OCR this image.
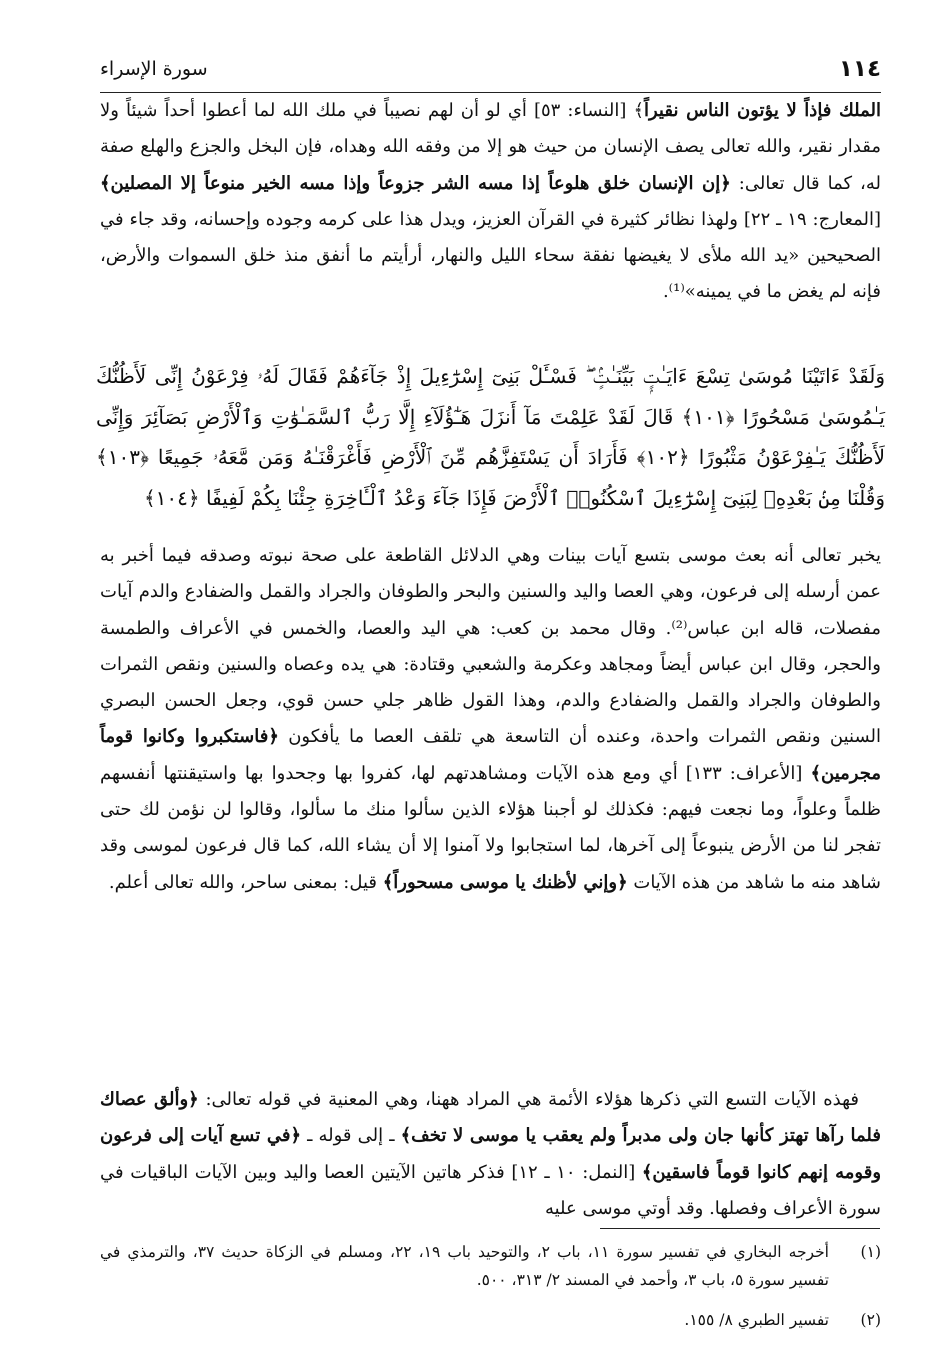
١١٤
سورة الإسراء

الملك فإذاً لا يؤتون الناس نقيراً﴾ [النساء: ٥٣] أي لو أن لهم نصيباً في ملك الله لما أعطوا أحداً شيئاً ولا مقدار نقير، والله تعالى يصف الإنسان من حيث هو إلا من وفقه الله وهداه، فإن البخل والجزع والهلع صفة له، كما قال تعالى: ﴿إن الإنسان خلق هلوعاً إذا مسه الشر جزوعاً وإذا مسه الخير منوعاً إلا المصلين﴾ [المعارج: ١٩ ـ ٢٢] ولهذا نظائر كثيرة في القرآن العزيز، ويدل هذا على كرمه وجوده وإحسانه، وقد جاء في الصحيحين «يد الله ملأى لا يغيضها نفقة سحاء الليل والنهار، أرأيتم ما أنفق منذ خلق السموات والأرض، فإنه لم يغض ما في يمينه»⁽¹⁾.

وَلَقَدْ ءَاتَيْنَا مُوسَىٰ تِسْعَ ءَايَـٰتٍۭ بَيِّنَـٰتٍۢ ۖ فَسْـَٔلْ بَنِىٓ إِسْرَٰٓءِيلَ إِذْ جَآءَهُمْ فَقَالَ لَهُۥ فِرْعَوْنُ إِنِّى لَأَظُنُّكَ يَـٰمُوسَىٰ مَسْحُورًا ﴿١٠١﴾ قَالَ لَقَدْ عَلِمْتَ مَآ أَنزَلَ هَـٰٓؤُلَآءِ إِلَّا رَبُّ ٱلسَّمَـٰوَٰتِ وَٱلْأَرْضِ بَصَآئِرَ وَإِنِّى لَأَظُنُّكَ يَـٰفِرْعَوْنُ مَثْبُورًا ﴿١٠٢﴾ فَأَرَادَ أَن يَسْتَفِزَّهُم مِّنَ ٱلْأَرْضِ فَأَغْرَقْنَـٰهُ وَمَن مَّعَهُۥ جَمِيعًا ﴿١٠٣﴾ وَقُلْنَا مِنۢ بَعْدِهِۦ لِبَنِىٓ إِسْرَٰٓءِيلَ ٱسْكُنُوا۟ ٱلْأَرْضَ فَإِذَا جَآءَ وَعْدُ ٱلْـَٔاخِرَةِ جِئْنَا بِكُمْ لَفِيفًا ﴿١٠٤﴾

يخبر تعالى أنه بعث موسى بتسع آيات بينات وهي الدلائل القاطعة على صحة نبوته وصدقه فيما أخبر به عمن أرسله إلى فرعون، وهي العصا واليد والسنين والبحر والطوفان والجراد والقمل والضفادع والدم آيات مفصلات، قاله ابن عباس⁽²⁾. وقال محمد بن كعب: هي اليد والعصا، والخمس في الأعراف والطمسة والحجر، وقال ابن عباس أيضاً ومجاهد وعكرمة والشعبي وقتادة: هي يده وعصاه والسنين ونقص الثمرات والطوفان والجراد والقمل والضفادع والدم، وهذا القول ظاهر جلي حسن قوي، وجعل الحسن البصري السنين ونقص الثمرات واحدة، وعنده أن التاسعة هي تلقف العصا ما يأفكون ﴿فاستكبروا وكانوا قوماً مجرمين﴾ [الأعراف: ١٣٣] أي ومع هذه الآيات ومشاهدتهم لها، كفروا بها وجحدوا بها واستيقنتها أنفسهم ظلماً وعلواً، وما نجعت فيهم: فكذلك لو أجبنا هؤلاء الذين سألوا منك ما سألوا، وقالوا لن نؤمن لك حتى تفجر لنا من الأرض ينبوعاً إلى آخرها، لما استجابوا ولا آمنوا إلا أن يشاء الله، كما قال فرعون لموسى وقد شاهد منه ما شاهد من هذه الآيات ﴿وإني لأظنك يا موسى مسحوراً﴾ قيل: بمعنى ساحر، والله تعالى أعلم.

فهذه الآيات التسع التي ذكرها هؤلاء الأئمة هي المراد ههنا، وهي المعنية في قوله تعالى: ﴿وألق عصاك فلما رآها تهتز كأنها جان ولى مدبراً ولم يعقب يا موسى لا تخف﴾ ـ إلى قوله ـ ﴿في تسع آيات إلى فرعون وقومه إنهم كانوا قوماً فاسقين﴾ [النمل: ١٠ ـ ١٢] فذكر هاتين الآيتين العصا واليد وبين الآيات الباقيات في سورة الأعراف وفصلها. وقد أوتي موسى عليه

(١)
أخرجه البخاري في تفسير سورة ١١، باب ٢، والتوحيد باب ١٩، ٢٢، ومسلم في الزكاة حديث ٣٧، والترمذي في تفسير سورة ٥، باب ٣، وأحمد في المسند ٢/ ٣١٣، ٥٠٠.
(٢)
تفسير الطبري ٨/ ١٥٥.
